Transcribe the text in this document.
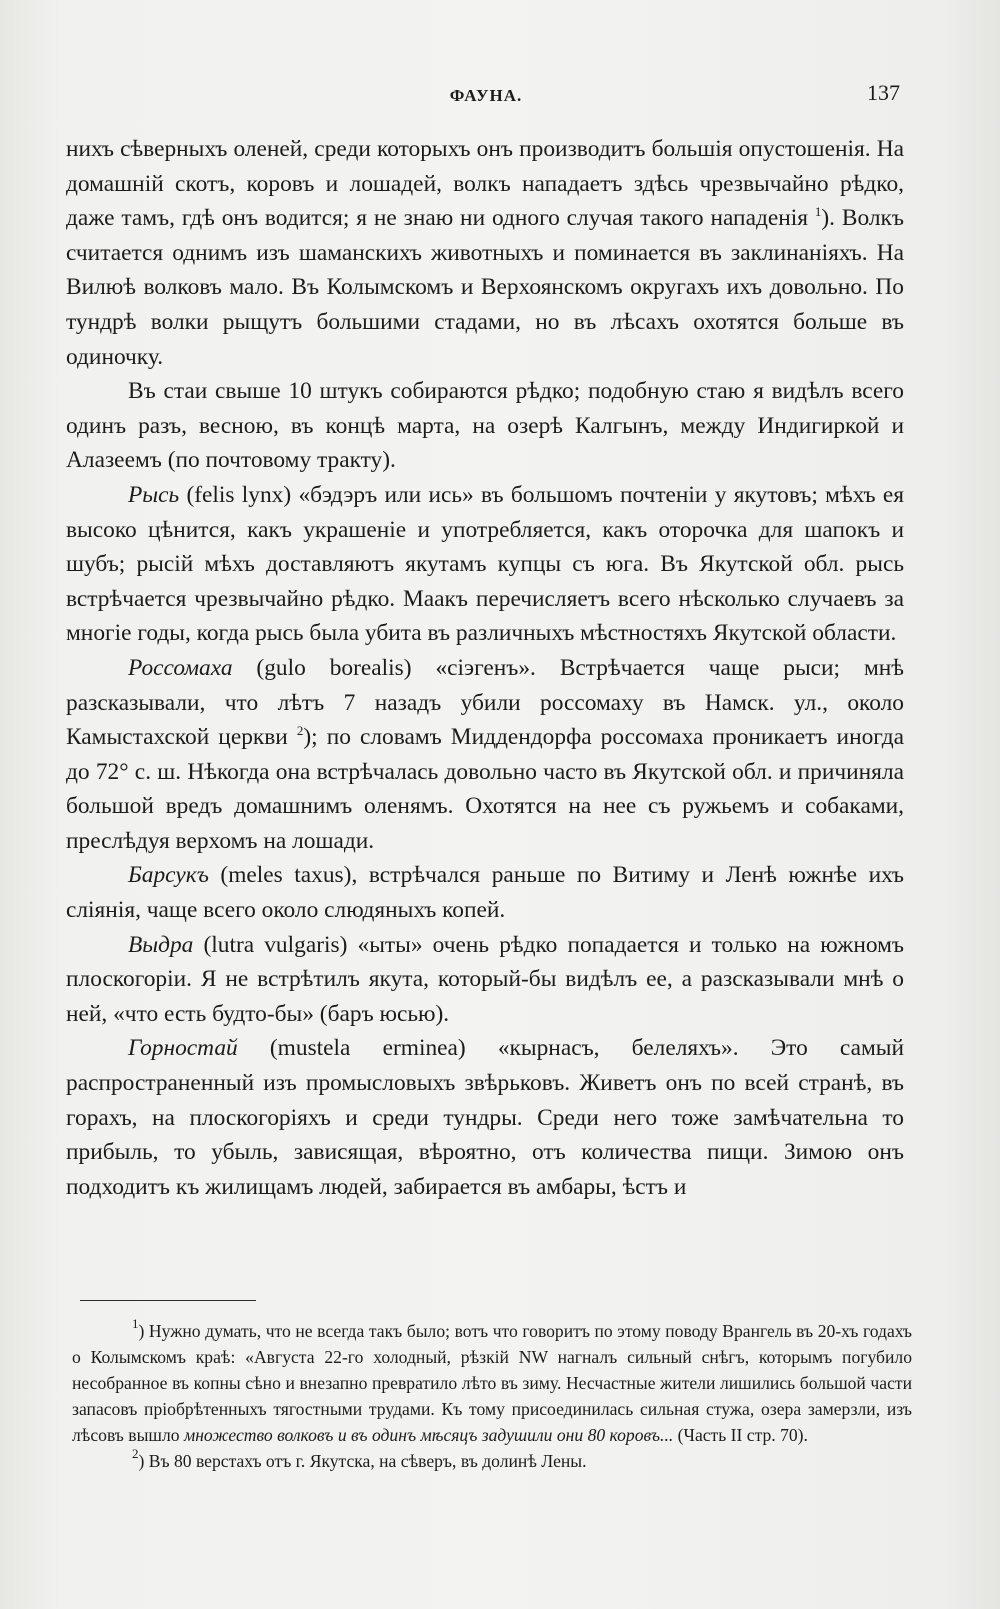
ФАУНА.	137

нихъ сѣверныхъ оленей, среди которыхъ онъ производитъ большія опустошенія. На домашній скотъ, коровъ и лошадей, волкъ нападаетъ здѣсь чрезвычайно рѣдко, даже тамъ, гдѣ онъ водится; я не знаю ни одного случая такого нападенія $^1$). Волкъ считается однимъ изъ шаманскихъ животныхъ и поминается въ заклинаніяхъ. На Вилюѣ волковъ мало. Въ Колымскомъ и Верхоянскомъ округахъ ихъ довольно. По тундрѣ волки рыщутъ большими стадами, но въ лѣсахъ охотятся больше въ одиночку.

Въ стаи свыше 10 штукъ собираются рѣдко; подобную стаю я видѣлъ всего одинъ разъ, весною, въ концѣ марта, на озерѣ Калгынъ, между Индигиркой и Алазеемъ (по почтовому тракту).

Рысь (felis lynx) «бэдэръ или ись» въ большомъ почтеніи у якутовъ; мѣхъ ея высоко цѣнится, какъ украшеніе и употребляется, какъ оторочка для шапокъ и шубъ; рысій мѣхъ доставляютъ якутамъ купцы съ юга. Въ Якутской обл. рысь встрѣчается чрезвычайно рѣдко. Маакъ перечисляетъ всего нѣсколько случаевъ за многіе годы, когда рысь была убита въ различныхъ мѣстностяхъ Якутской области.

Россомаха (gulo borealis) «сіэгенъ». Встрѣчается чаще рыси; мнѣ разсказывали, что лѣтъ 7 назадъ убили россомаху въ Намск. ул., около Камыстахской церкви $^2$); по словамъ Миддендорфа россомаха проникаетъ иногда до 72° с. ш. Нѣкогда она встрѣчалась довольно часто въ Якутской обл. и причиняла большой вредъ домашнимъ оленямъ. Охотятся на нее съ ружьемъ и собаками, преслѣдуя верхомъ на лошади.

Барсукъ (meles taxus), встрѣчался раньше по Витиму и Ленѣ южнѣе ихъ сліянія, чаще всего около слюдяныхъ копей.

Выдра (lutra vulgaris) «ыты» очень рѣдко попадается и только на южномъ плоскогоріи. Я не встрѣтилъ якута, который-бы видѣлъ ее, а разсказывали мнѣ о ней, «что есть будто-бы» (баръ юсью).

Горностай (mustela erminea) «кырнасъ, белеляхъ». Это самый распространенный изъ промысловыхъ звѣрьковъ. Живетъ онъ по всей странѣ, въ горахъ, на плоскогоріяхъ и среди тундры. Среди него тоже замѣчательна то прибыль, то убыль, зависящая, вѣроятно, отъ количества пищи. Зимою онъ подходитъ къ жилищамъ людей, забирается въ амбары, ѣстъ и

$^1$) Нужно думать, что не всегда такъ было; вотъ что говоритъ по этому поводу Врангель въ 20-хъ годахъ о Колымскомъ краѣ: «Августа 22-го холодный, рѣзкій NW нагналъ сильный снѣгъ, которымъ погубило несобранное въ копны сѣно и внезапно превратило лѣто въ зиму. Несчастные жители лишились большой части запасовъ пріобрѣтенныхъ тягостными трудами. Къ тому присоединилась сильная стужа, озера замерзли, изъ лѣсовъ вышло множество волковъ и въ одинъ мѣсяцъ задушили они 80 коровъ... (Часть II стр. 70).

$^2$) Въ 80 верстахъ отъ г. Якутска, на сѣверъ, въ долинѣ Лены.
